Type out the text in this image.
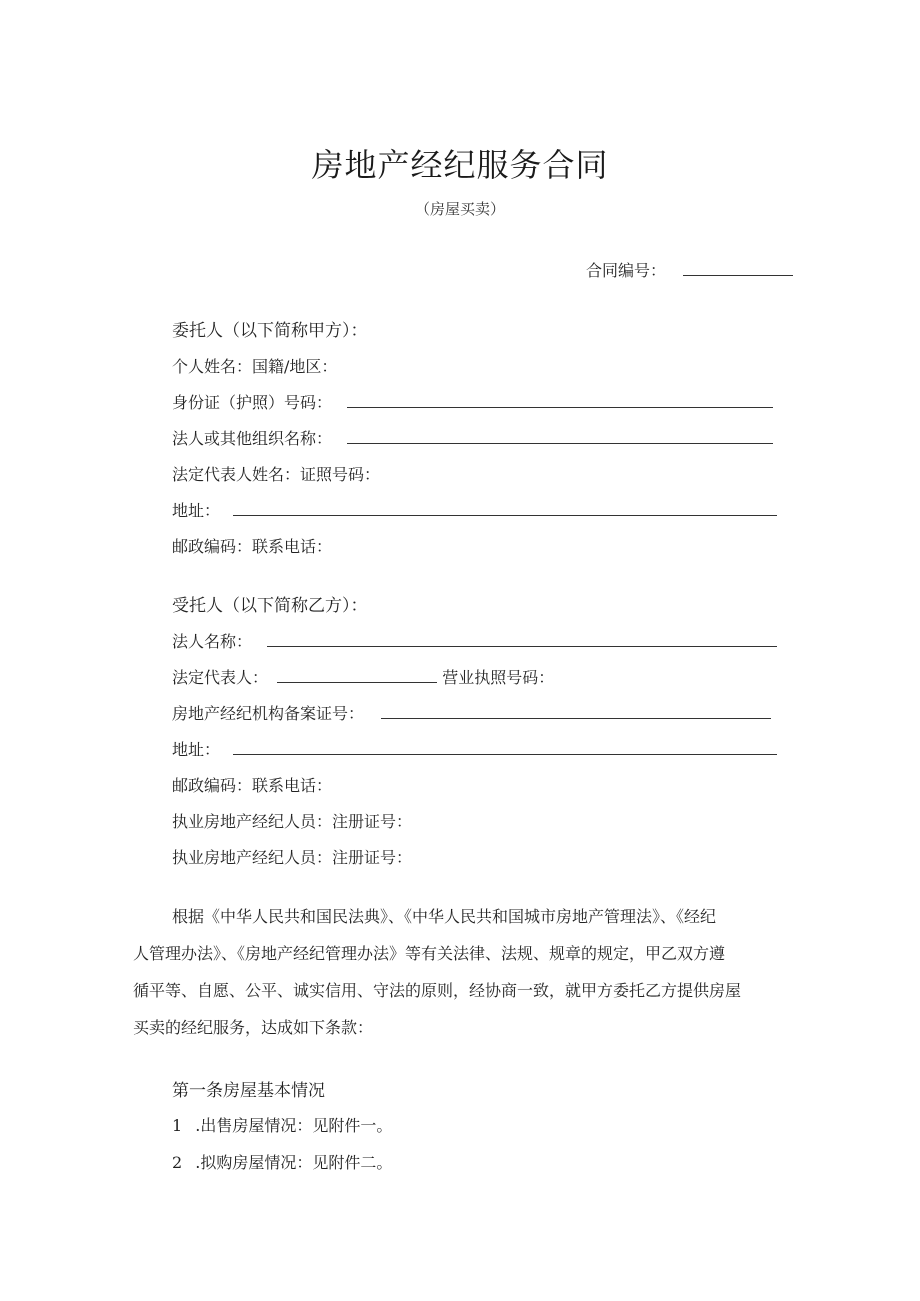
房地产经纪服务合同
（房屋买卖）
合同编号：
委托人（以下简称甲方）：
个人姓名：国籍/地区：
身份证（护照）号码：
法人或其他组织名称：
法定代表人姓名：证照号码：
地址：
邮政编码：联系电话：
受托人（以下简称乙方）：
法人名称：
法定代表人：	营业执照号码：
房地产经纪机构备案证号：
地址：
邮政编码：联系电话：
执业房地产经纪人员：注册证号：
执业房地产经纪人员：注册证号：
根据《中华人民共和国民法典》、《中华人民共和国城市房地产管理法》、《经纪
人管理办法》、《房地产经纪管理办法》等有关法律、法规、规章的规定，甲乙双方遵
循平等、自愿、公平、诚实信用、守法的原则，经协商一致，就甲方委托乙方提供房屋
买卖的经纪服务，达成如下条款：
第一条房屋基本情况
1 .出售房屋情况：见附件一。
2 .拟购房屋情况：见附件二。
